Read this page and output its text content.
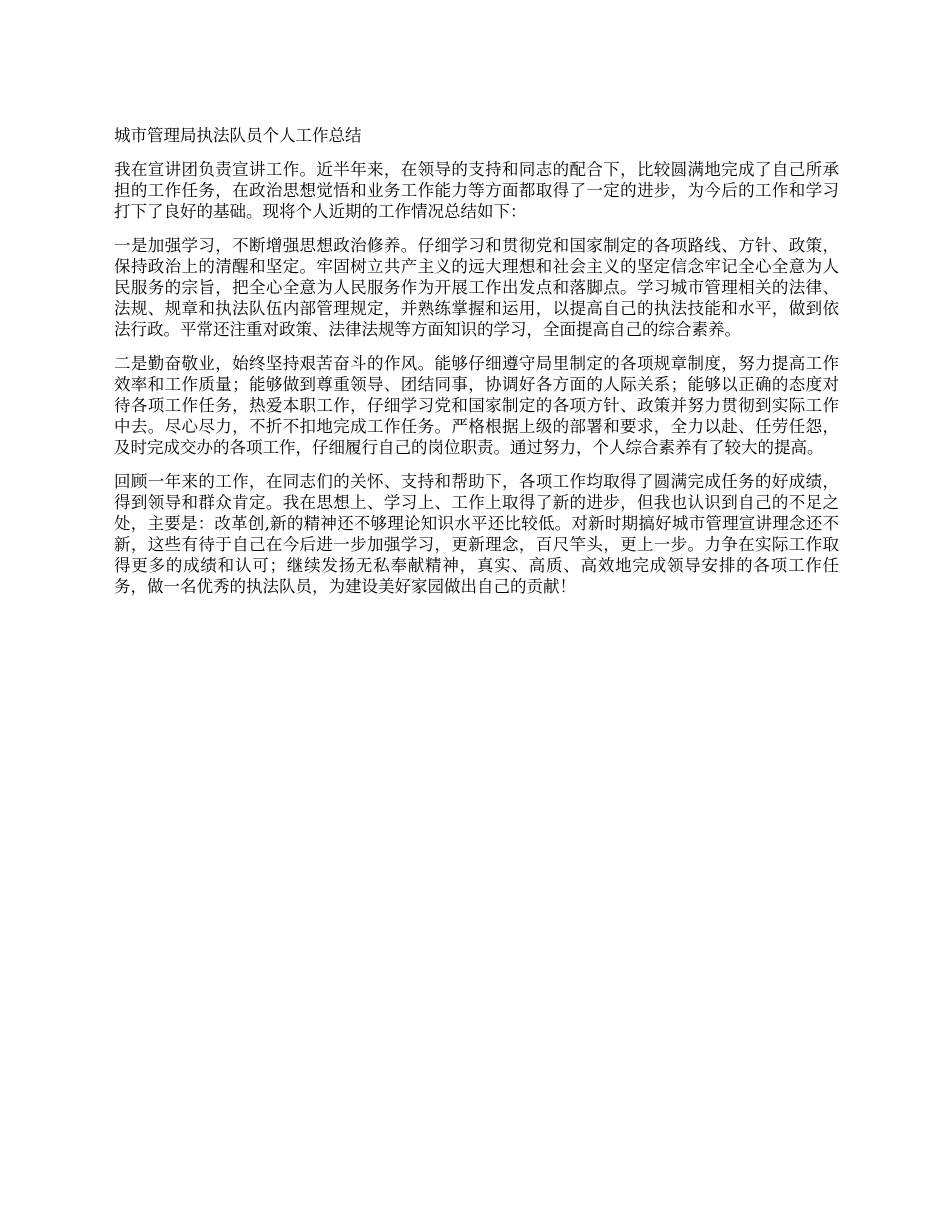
城市管理局执法队员个人工作总结

我在宣讲团负责宣讲工作。近半年来，在领导的支持和同志的配合下，比较圆满地完成了自己所承担的工作任务，在政治思想觉悟和业务工作能力等方面都取得了一定的进步，为今后的工作和学习打下了良好的基础。现将个人近期的工作情况总结如下：

一是加强学习，不断增强思想政治修养。仔细学习和贯彻党和国家制定的各项路线、方针、政策，保持政治上的清醒和坚定。牢固树立共产主义的远大理想和社会主义的坚定信念牢记全心全意为人民服务的宗旨，把全心全意为人民服务作为开展工作出发点和落脚点。学习城市管理相关的法律、法规、规章和执法队伍内部管理规定，并熟练掌握和运用，以提高自己的执法技能和水平，做到依法行政。平常还注重对政策、法律法规等方面知识的学习，全面提高自己的综合素养。

二是勤奋敬业，始终坚持艰苦奋斗的作风。能够仔细遵守局里制定的各项规章制度，努力提高工作效率和工作质量；能够做到尊重领导、团结同事，协调好各方面的人际关系；能够以正确的态度对待各项工作任务，热爱本职工作，仔细学习党和国家制定的各项方针、政策并努力贯彻到实际工作中去。尽心尽力，不折不扣地完成工作任务。严格根据上级的部署和要求，全力以赴、任劳任怨，及时完成交办的各项工作，仔细履行自己的岗位职责。通过努力，个人综合素养有了较大的提高。

回顾一年来的工作，在同志们的关怀、支持和帮助下，各项工作均取得了圆满完成任务的好成绩，得到领导和群众肯定。我在思想上、学习上、工作上取得了新的进步，但我也认识到自己的不足之处，主要是：改革创,新的精神还不够理论知识水平还比较低。对新时期搞好城市管理宣讲理念还不新，这些有待于自己在今后进一步加强学习，更新理念，百尺竿头，更上一步。力争在实际工作取得更多的成绩和认可；继续发扬无私奉献精神，真实、高质、高效地完成领导安排的各项工作任务，做一名优秀的执法队员，为建设美好家园做出自己的贡献！
